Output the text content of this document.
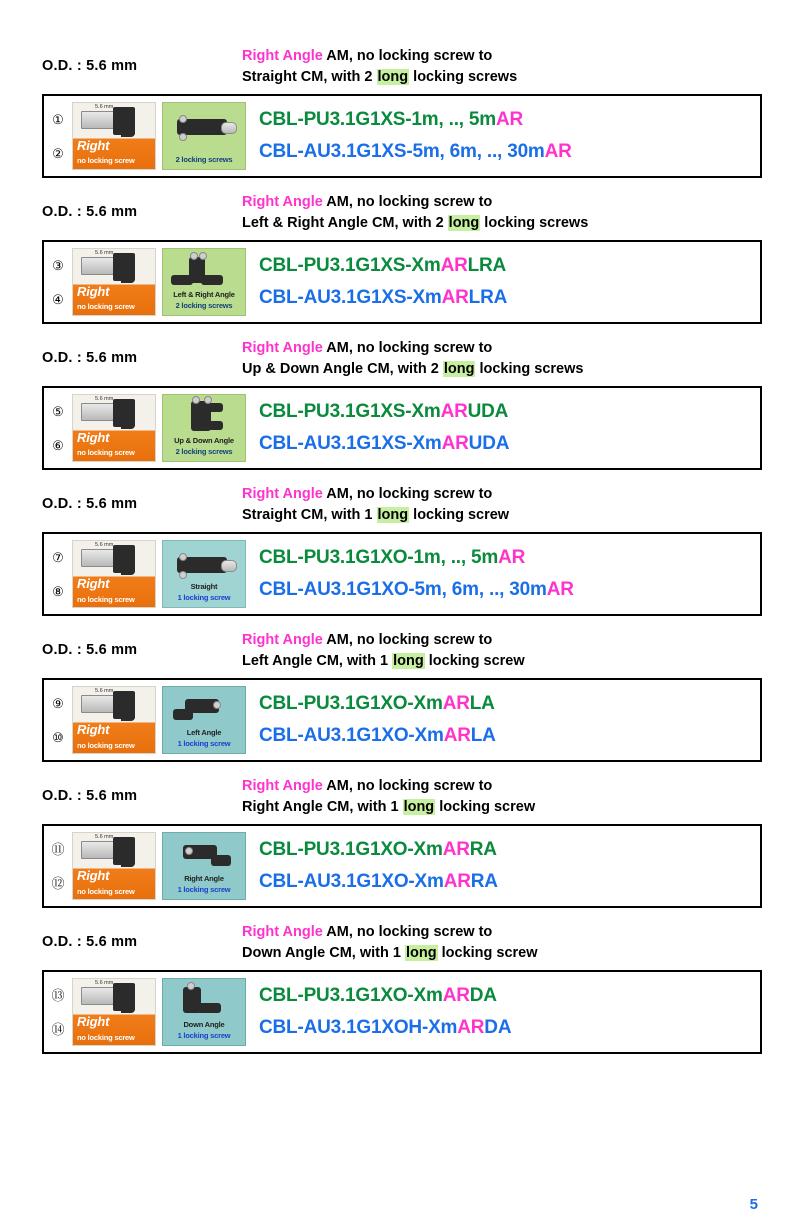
O.D. : 5.6 mm
Right Angle AM, no locking screw to
Straight CM, with 2 long locking screws
①
②
5.6 mm
Right
no locking screw	2 locking screws
CBL-PU3.1G1XS-1m, .., 5mAR
CBL-AU3.1G1XS-5m, 6m, .., 30mAR
O.D. : 5.6 mm
Right Angle AM, no locking screw to
Left & Right Angle CM, with 2 long locking screws
③
④
5.6 mm
Right
no locking screw
Left & Right Angle
2 locking screws
CBL-PU3.1G1XS-XmARLRA
CBL-AU3.1G1XS-XmARLRA
O.D. : 5.6 mm
Right Angle AM, no locking screw to
Up & Down Angle CM, with 2 long locking screws
⑤
⑥
5.6 mm
Right
no locking screw
Up & Down Angle
2 locking screws
CBL-PU3.1G1XS-XmARUDA
CBL-AU3.1G1XS-XmARUDA
O.D. : 5.6 mm
Right Angle AM, no locking screw to
Straight CM, with 1 long locking screw
⑦
⑧
5.6 mm
Right
no locking screw
Straight
1 locking screw
CBL-PU3.1G1XO-1m, .., 5mAR
CBL-AU3.1G1XO-5m, 6m, .., 30mAR
O.D. : 5.6 mm
Right Angle AM, no locking screw to
Left Angle CM, with 1 long locking screw
⑨
⑩
5.6 mm
Right
no locking screw
Left Angle
1 locking screw
CBL-PU3.1G1XO-XmARLA
CBL-AU3.1G1XO-XmARLA
O.D. : 5.6 mm
Right Angle AM, no locking screw to
Right Angle CM, with 1 long locking screw
⑪
⑫
5.6 mm
Right
no locking screw
Right Angle
1 locking screw
CBL-PU3.1G1XO-XmARRA
CBL-AU3.1G1XO-XmARRA
O.D. : 5.6 mm
Right Angle AM, no locking screw to
Down Angle CM, with 1 long locking screw
⑬
⑭
5.6 mm
Right
no locking screw
Down Angle
1 locking screw
CBL-PU3.1G1XO-XmARDA
CBL-AU3.1G1XOH-XmARDA
5
